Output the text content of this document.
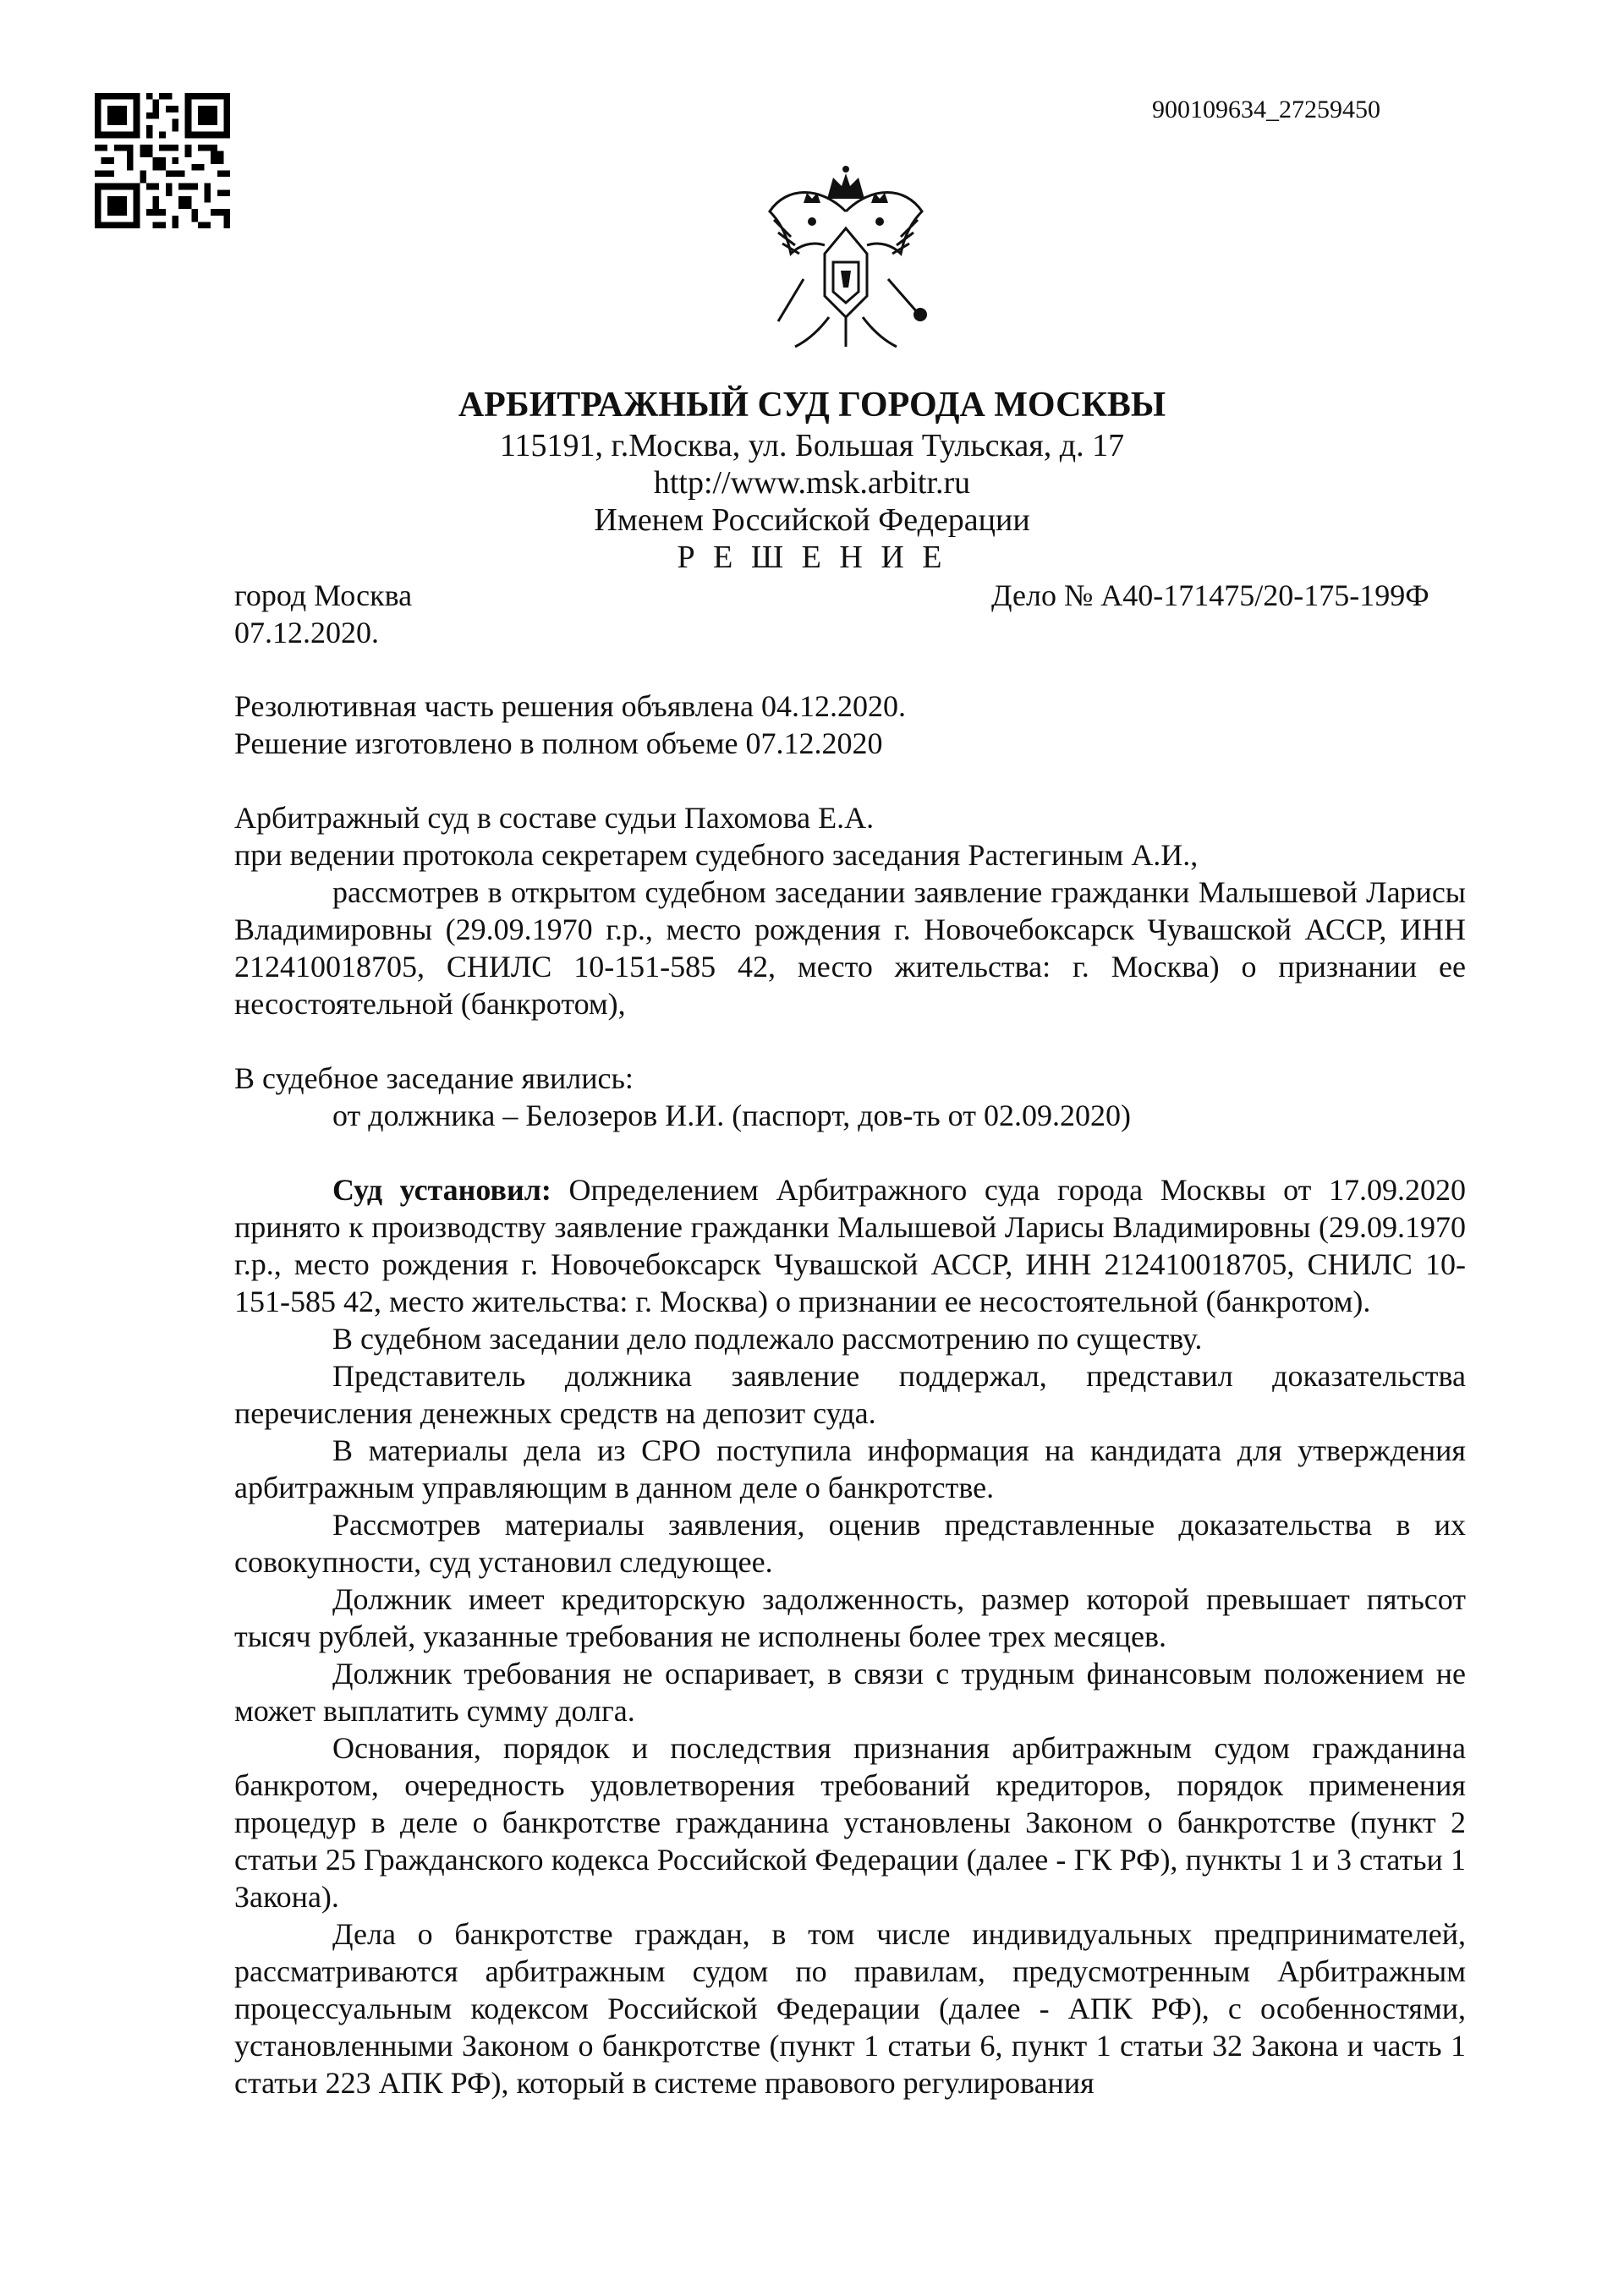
900109634_27259450
АРБИТРАЖНЫЙ СУД ГОРОДА МОСКВЫ
115191, г.Москва, ул. Большая Тульская, д. 17
http://www.msk.arbitr.ru
Именем Российской Федерации
Р Е Ш Е Н И Е
город Москва	Дело № А40-171475/20-175-199Ф
07.12.2020.

Резолютивная часть решения объявлена 04.12.2020.

Решение изготовлено в полном объеме 07.12.2020

Арбитражный суд в составе судьи Пахомова Е.А.

при ведении протокола секретарем судебного заседания Растегиным А.И.,

рассмотрев в открытом судебном заседании заявление гражданки Малышевой Ларисы Владимировны (29.09.1970 г.р., место рождения г. Новочебоксарск Чувашской АССР, ИНН 212410018705, СНИЛС 10-151-585 42, место жительства: г. Москва) о признании ее несостоятельной (банкротом),

В судебное заседание явились:

от должника – Белозеров И.И. (паспорт, дов-ть от 02.09.2020)

Суд установил: Определением Арбитражного суда города Москвы от 17.09.2020 принято к производству заявление гражданки Малышевой Ларисы Владимировны (29.09.1970 г.р., место рождения г. Новочебоксарск Чувашской АССР, ИНН 212410018705, СНИЛС 10-151-585 42, место жительства: г. Москва) о признании ее несостоятельной (банкротом).

В судебном заседании дело подлежало рассмотрению по существу.

Представитель должника заявление поддержал, представил доказательства перечисления денежных средств на депозит суда.

В материалы дела из СРО поступила информация на кандидата для утверждения арбитражным управляющим в данном деле о банкротстве.

Рассмотрев материалы заявления, оценив представленные доказательства в их совокупности, суд установил следующее.

Должник имеет кредиторскую задолженность, размер которой превышает пятьсот тысяч рублей, указанные требования не исполнены более трех месяцев.

Должник требования не оспаривает, в связи с трудным финансовым положением не может выплатить сумму долга.

Основания, порядок и последствия признания арбитражным судом гражданина банкротом, очередность удовлетворения требований кредиторов, порядок применения процедур в деле о банкротстве гражданина установлены Законом о банкротстве (пункт 2 статьи 25 Гражданского кодекса Российской Федерации (далее - ГК РФ), пункты 1 и 3 статьи 1 Закона).

Дела о банкротстве граждан, в том числе индивидуальных предпринимателей, рассматриваются арбитражным судом по правилам, предусмотренным Арбитражным процессуальным кодексом Российской Федерации (далее - АПК РФ), с особенностями, установленными Законом о банкротстве (пункт 1 статьи 6, пункт 1 статьи 32 Закона и часть 1 статьи 223 АПК РФ), который в системе правового регулирования
